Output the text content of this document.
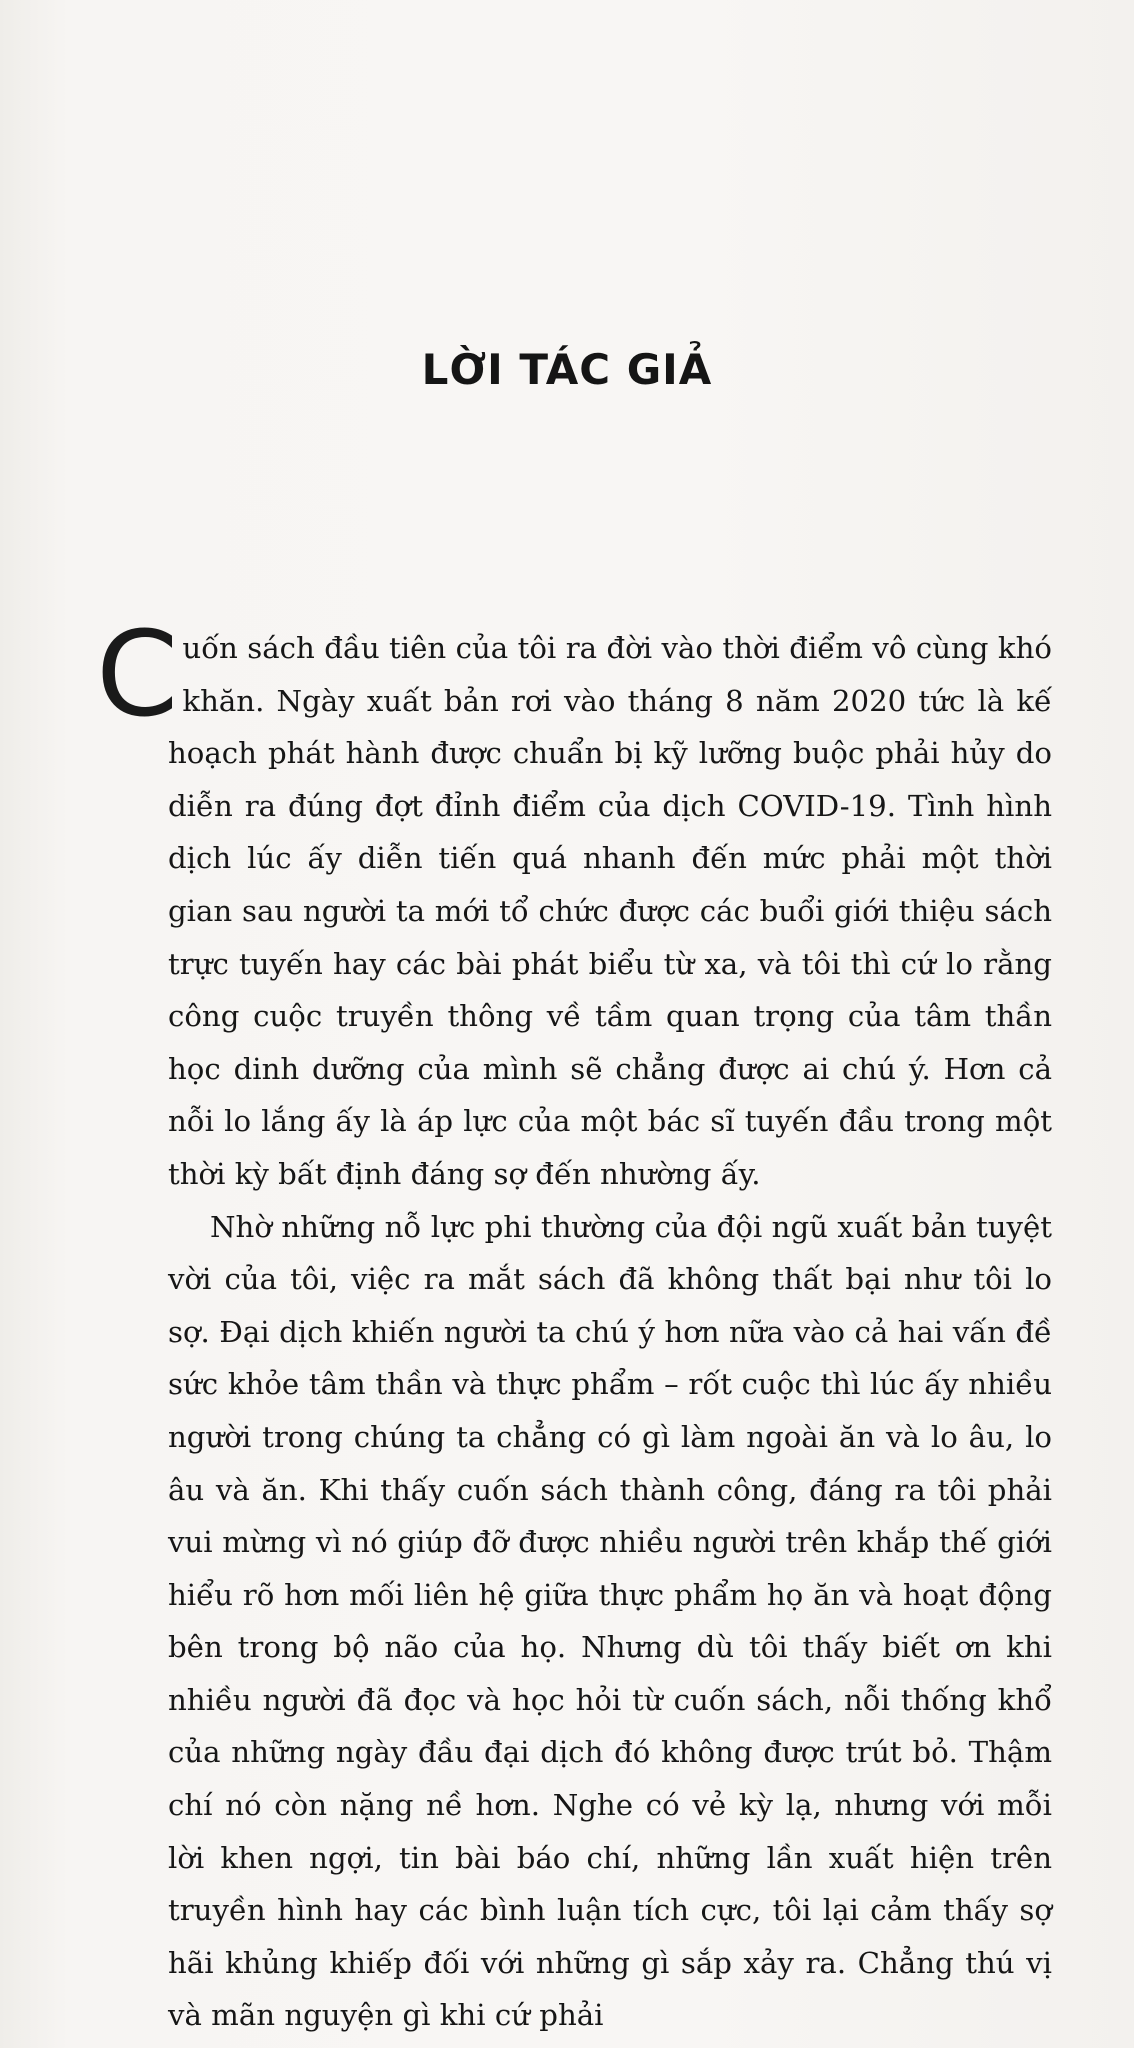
LỜI TÁC GIẢ

Cuốn sách đầu tiên của tôi ra đời vào thời điểm vô cùng khó khăn. Ngày xuất bản rơi vào tháng 8 năm 2020 tức là kế hoạch phát hành được chuẩn bị kỹ lưỡng buộc phải hủy do diễn ra đúng đợt đỉnh điểm của dịch COVID-19. Tình hình dịch lúc ấy diễn tiến quá nhanh đến mức phải một thời gian sau người ta mới tổ chức được các buổi giới thiệu sách trực tuyến hay các bài phát biểu từ xa, và tôi thì cứ lo rằng công cuộc truyền thông về tầm quan trọng của tâm thần học dinh dưỡng của mình sẽ chẳng được ai chú ý. Hơn cả nỗi lo lắng ấy là áp lực của một bác sĩ tuyến đầu trong một thời kỳ bất định đáng sợ đến nhường ấy.

Nhờ những nỗ lực phi thường của đội ngũ xuất bản tuyệt vời của tôi, việc ra mắt sách đã không thất bại như tôi lo sợ. Đại dịch khiến người ta chú ý hơn nữa vào cả hai vấn đề sức khỏe tâm thần và thực phẩm – rốt cuộc thì lúc ấy nhiều người trong chúng ta chẳng có gì làm ngoài ăn và lo âu, lo âu và ăn. Khi thấy cuốn sách thành công, đáng ra tôi phải vui mừng vì nó giúp đỡ được nhiều người trên khắp thế giới hiểu rõ hơn mối liên hệ giữa thực phẩm họ ăn và hoạt động bên trong bộ não của họ. Nhưng dù tôi thấy biết ơn khi nhiều người đã đọc và học hỏi từ cuốn sách, nỗi thống khổ của những ngày đầu đại dịch đó không được trút bỏ. Thậm chí nó còn nặng nề hơn. Nghe có vẻ kỳ lạ, nhưng với mỗi lời khen ngợi, tin bài báo chí, những lần xuất hiện trên truyền hình hay các bình luận tích cực, tôi lại cảm thấy sợ hãi khủng khiếp đối với những gì sắp xảy ra. Chẳng thú vị và mãn nguyện gì khi cứ phải
